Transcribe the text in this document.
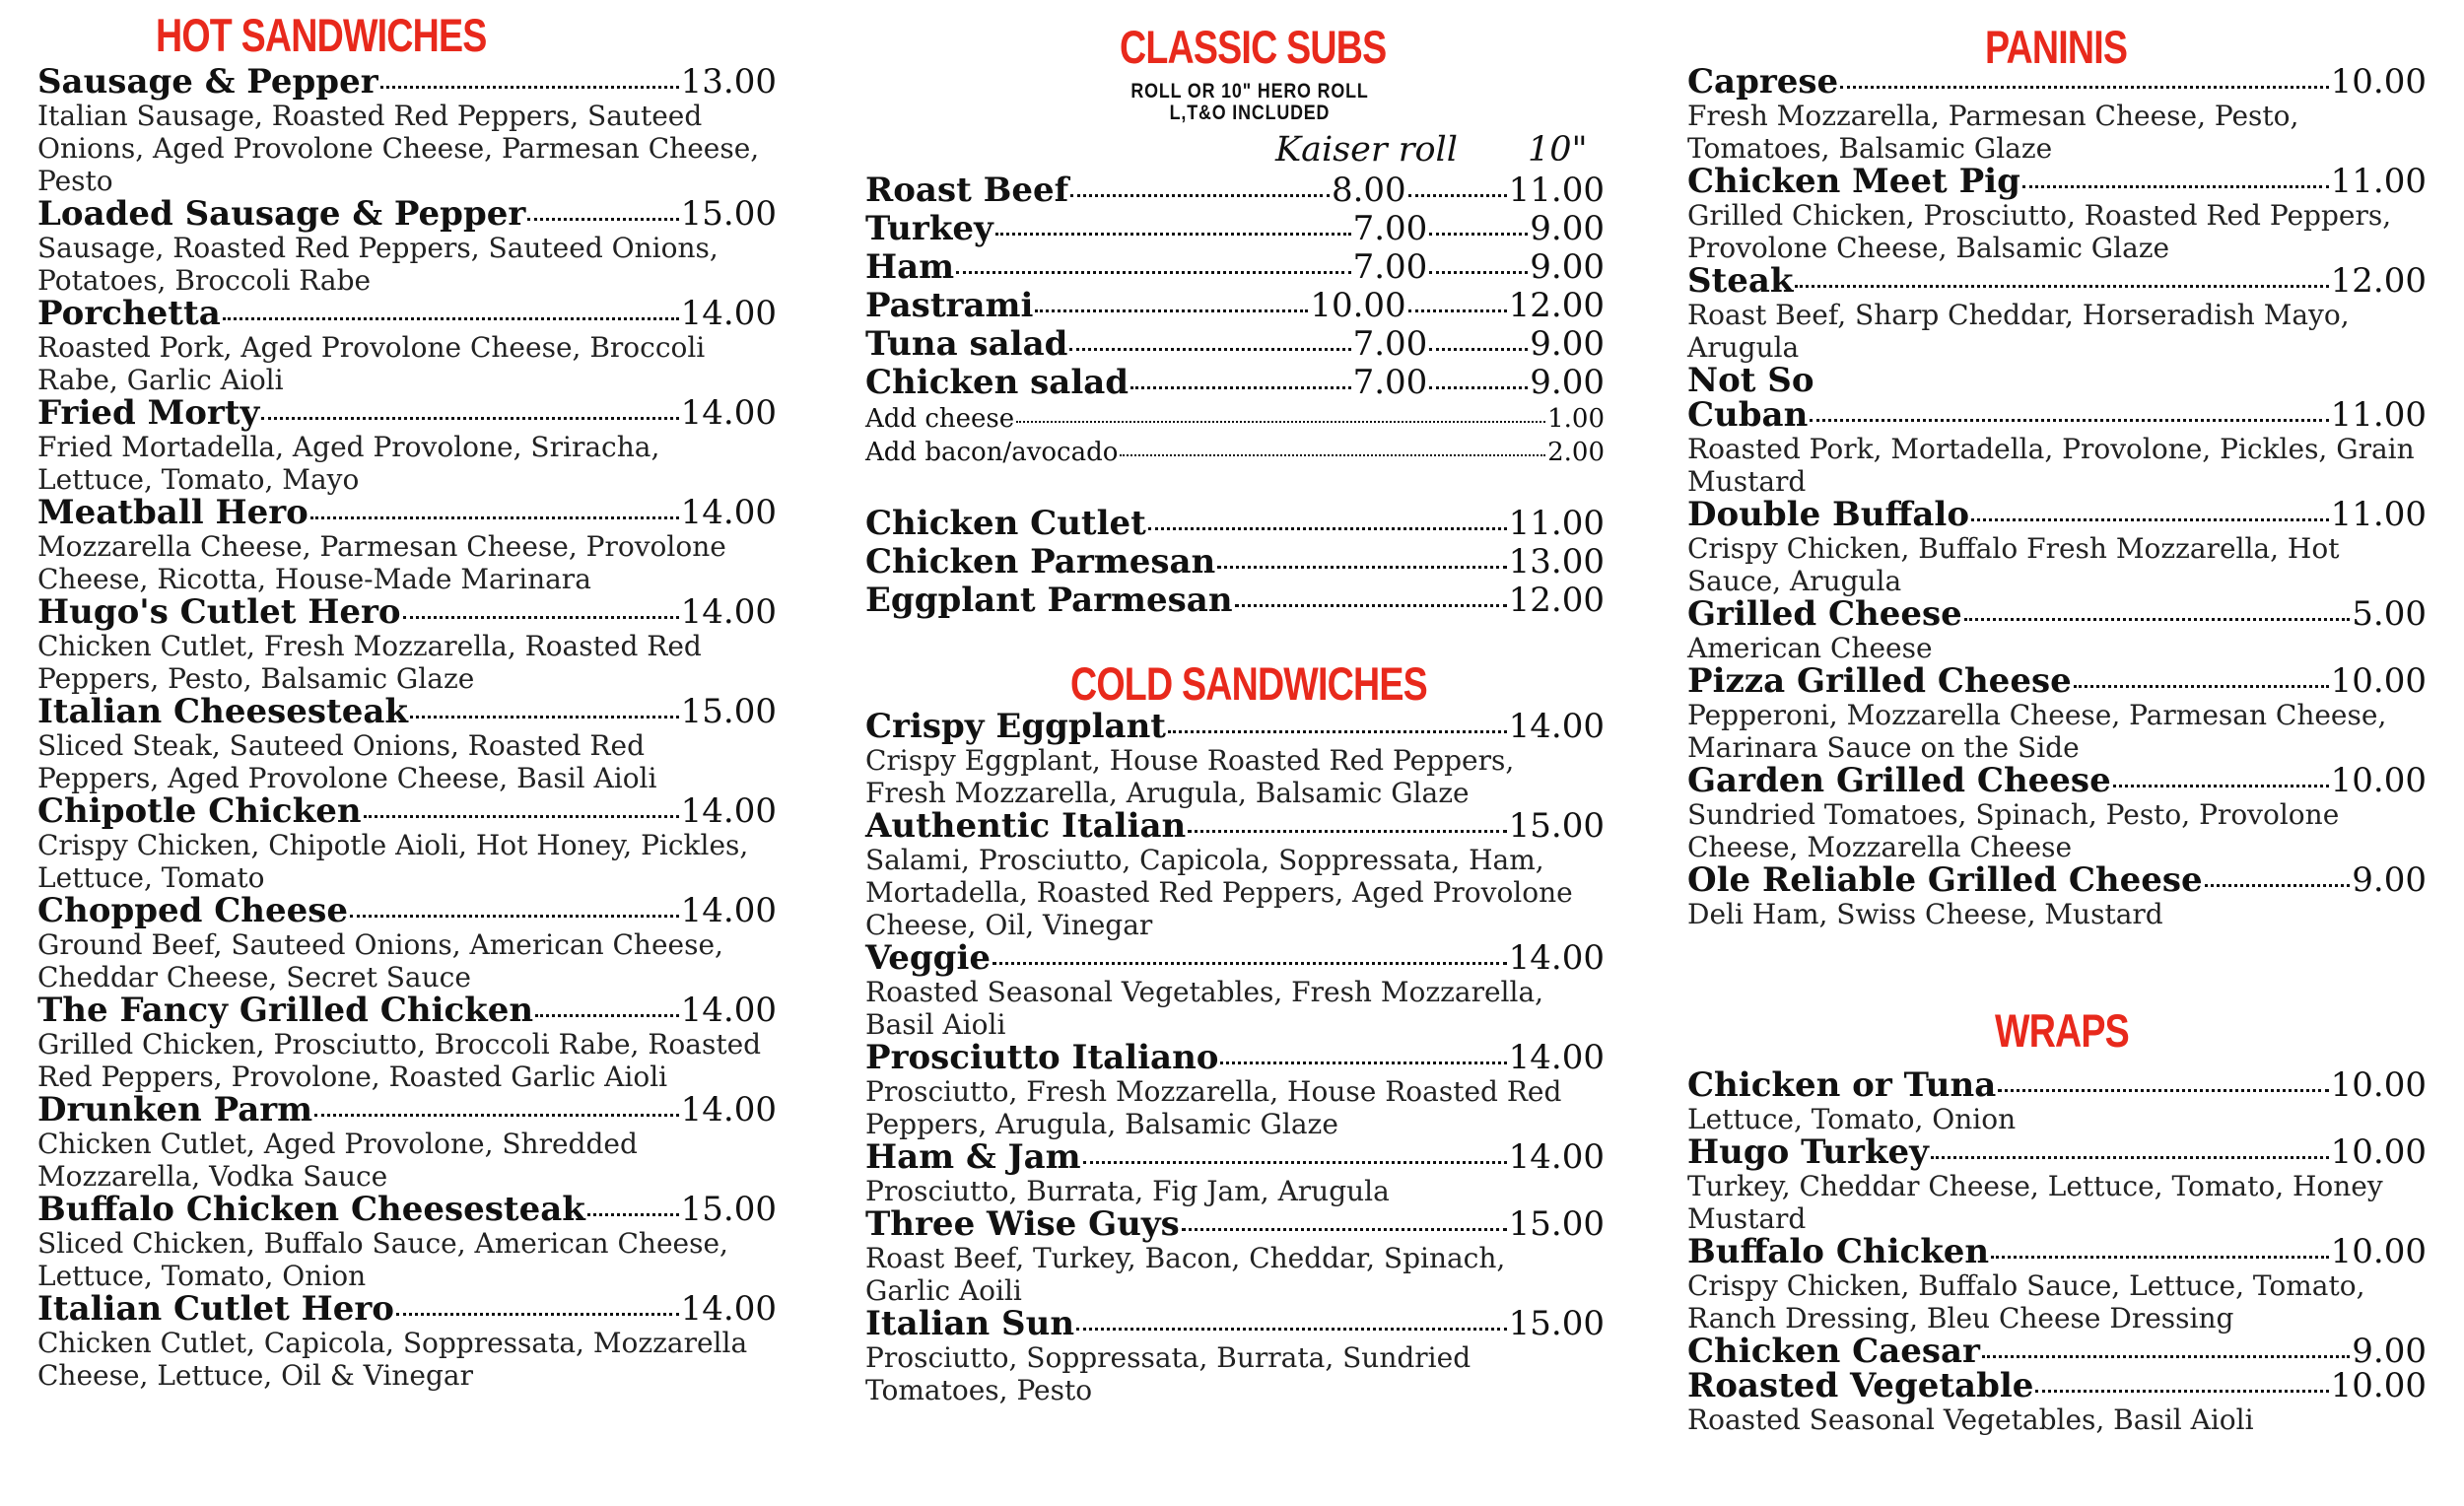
HOT SANDWICHES
Sausage & Pepper	13.00
Italian Sausage, Roasted Red Peppers, Sauteed Onions, Aged Provolone Cheese, Parmesan Cheese, Pesto
Loaded Sausage & Pepper	15.00
Sausage, Roasted Red Peppers, Sauteed Onions, Potatoes, Broccoli Rabe
Porchetta	14.00
Roasted Pork, Aged Provolone Cheese, Broccoli Rabe, Garlic Aioli
Fried Morty	14.00
Fried Mortadella, Aged Provolone, Sriracha, Lettuce, Tomato, Mayo
Meatball Hero	14.00
Mozzarella Cheese, Parmesan Cheese, Provolone Cheese, Ricotta, House-Made Marinara
Hugo's Cutlet Hero	14.00
Chicken Cutlet, Fresh Mozzarella, Roasted Red Peppers, Pesto, Balsamic Glaze
Italian Cheesesteak	15.00
Sliced Steak, Sauteed Onions, Roasted Red Peppers, Aged Provolone Cheese, Basil Aioli
Chipotle Chicken	14.00
Crispy Chicken, Chipotle Aioli, Hot Honey, Pickles, Lettuce, Tomato
Chopped Cheese	14.00
Ground Beef, Sauteed Onions, American Cheese, Cheddar Cheese, Secret Sauce
The Fancy Grilled Chicken	14.00
Grilled Chicken, Prosciutto, Broccoli Rabe, Roasted Red Peppers, Provolone, Roasted Garlic Aioli
Drunken Parm	14.00
Chicken Cutlet, Aged Provolone, Shredded Mozzarella, Vodka Sauce
Buffalo Chicken Cheesesteak	15.00
Sliced Chicken, Buffalo Sauce, American Cheese, Lettuce, Tomato, Onion
Italian Cutlet Hero	14.00
Chicken Cutlet, Capicola, Soppressata, Mozzarella Cheese, Lettuce, Oil & Vinegar
CLASSIC SUBS
ROLL OR 10" HERO ROLL
L,T&O INCLUDED
Kaiser roll 10"
Roast Beef	8.00	11.00
Turkey	7.00	9.00
Ham	7.00	9.00
Pastrami	10.00	12.00
Tuna salad	7.00	9.00
Chicken salad	7.00	9.00
Add cheese	1.00
Add bacon/avocado	2.00
Chicken Cutlet	11.00
Chicken Parmesan	13.00
Eggplant Parmesan	12.00
COLD SANDWICHES
Crispy Eggplant	14.00
Crispy Eggplant, House Roasted Red Peppers, Fresh Mozzarella, Arugula, Balsamic Glaze
Authentic Italian	15.00
Salami, Prosciutto, Capicola, Soppressata, Ham, Mortadella, Roasted Red Peppers, Aged Provolone Cheese, Oil, Vinegar
Veggie	14.00
Roasted Seasonal Vegetables, Fresh Mozzarella, Basil Aioli
Prosciutto Italiano	14.00
Prosciutto, Fresh Mozzarella, House Roasted Red Peppers, Arugula, Balsamic Glaze
Ham & Jam	14.00
Prosciutto, Burrata, Fig Jam, Arugula
Three Wise Guys	15.00
Roast Beef, Turkey, Bacon, Cheddar, Spinach, Garlic Aoili
Italian Sun	15.00
Prosciutto, Soppressata, Burrata, Sundried Tomatoes, Pesto
PANINIS
Caprese	10.00
Fresh Mozzarella, Parmesan Cheese, Pesto, Tomatoes, Balsamic Glaze
Chicken Meet Pig	11.00
Grilled Chicken, Prosciutto, Roasted Red Peppers, Provolone Cheese, Balsamic Glaze
Steak	12.00
Roast Beef, Sharp Cheddar, Horseradish Mayo, Arugula
Not So
Cuban	11.00
Roasted Pork, Mortadella, Provolone, Pickles, Grain Mustard
Double Buffalo	11.00
Crispy Chicken, Buffalo Fresh Mozzarella, Hot Sauce, Arugula
Grilled Cheese	5.00
American Cheese
Pizza Grilled Cheese	10.00
Pepperoni, Mozzarella Cheese, Parmesan Cheese, Marinara Sauce on the Side
Garden Grilled Cheese	10.00
Sundried Tomatoes, Spinach, Pesto, Provolone Cheese, Mozzarella Cheese
Ole Reliable Grilled Cheese	9.00
Deli Ham, Swiss Cheese, Mustard
WRAPS
Chicken or Tuna	10.00
Lettuce, Tomato, Onion
Hugo Turkey	10.00
Turkey, Cheddar Cheese, Lettuce, Tomato, Honey Mustard
Buffalo Chicken	10.00
Crispy Chicken, Buffalo Sauce, Lettuce, Tomato, Ranch Dressing, Bleu Cheese Dressing
Chicken Caesar	9.00
Roasted Vegetable	10.00
Roasted Seasonal Vegetables, Basil Aioli
